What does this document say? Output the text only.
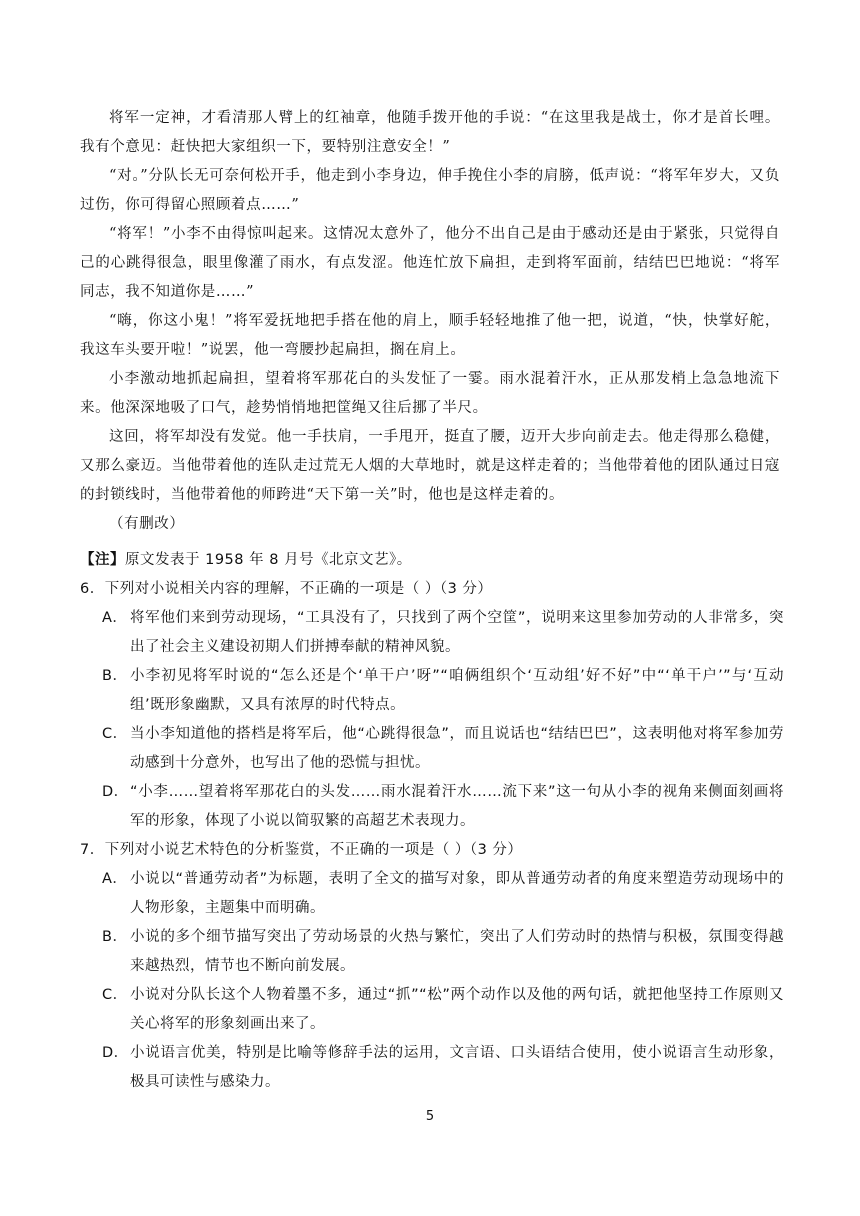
将军一定神，才看清那人臂上的红袖章，他随手拨开他的手说：“在这里我是战士，你才是首长哩。我有个意见：赶快把大家组织一下，要特别注意安全！”

“对。”分队长无可奈何松开手，他走到小李身边，伸手挽住小李的肩膀，低声说：“将军年岁大，又负过伤，你可得留心照顾着点……”

“将军！”小李不由得惊叫起来。这情况太意外了，他分不出自己是由于感动还是由于紧张，只觉得自己的心跳得很急，眼里像灌了雨水，有点发涩。他连忙放下扁担，走到将军面前，结结巴巴地说：“将军同志，我不知道你是……”

“嗨，你这小鬼！”将军爱抚地把手搭在他的肩上，顺手轻轻地推了他一把，说道，“快，快掌好舵，我这车头要开啦！”说罢，他一弯腰抄起扁担，搁在肩上。

小李激动地抓起扁担，望着将军那花白的头发怔了一霎。雨水混着汗水，正从那发梢上急急地流下来。他深深地吸了口气，趁势悄悄地把筐绳又往后挪了半尺。

这回，将军却没有发觉。他一手扶肩，一手甩开，挺直了腰，迈开大步向前走去。他走得那么稳健，又那么豪迈。当他带着他的连队走过荒无人烟的大草地时，就是这样走着的；当他带着他的团队通过日寇的封锁线时，当他带着他的师跨进“天下第一关”时，他也是这样走着的。

（有删改）

【注】原文发表于 1958 年 8 月号《北京文艺》。

6．下列对小说相关内容的理解，不正确的一项是（ ）（3 分）

A． 将军他们来到劳动现场，“工具没有了，只找到了两个空筐”，说明来这里参加劳动的人非常多，突出了社会主义建设初期人们拼搏奉献的精神风貌。
B． 小李初见将军时说的“怎么还是个‘单干户’呀”“咱俩组织个‘互动组’好不好”中“‘单干户’”与‘互动组’既形象幽默，又具有浓厚的时代特点。
C． 当小李知道他的搭档是将军后，他“心跳得很急”，而且说话也“结结巴巴”，这表明他对将军参加劳动感到十分意外，也写出了他的恐慌与担忧。
D． “小李……望着将军那花白的头发……雨水混着汗水……流下来”这一句从小李的视角来侧面刻画将军的形象，体现了小说以简驭繁的高超艺术表现力。

7．下列对小说艺术特色的分析鉴赏，不正确的一项是（ ）（3 分）

A． 小说以“普通劳动者”为标题，表明了全文的描写对象，即从普通劳动者的角度来塑造劳动现场中的人物形象，主题集中而明确。
B． 小说的多个细节描写突出了劳动场景的火热与繁忙，突出了人们劳动时的热情与积极，氛围变得越来越热烈，情节也不断向前发展。
C． 小说对分队长这个人物着墨不多，通过“抓”“松”两个动作以及他的两句话，就把他坚持工作原则又关心将军的形象刻画出来了。
D． 小说语言优美，特别是比喻等修辞手法的运用，文言语、口头语结合使用，使小说语言生动形象，极具可读性与感染力。
5
